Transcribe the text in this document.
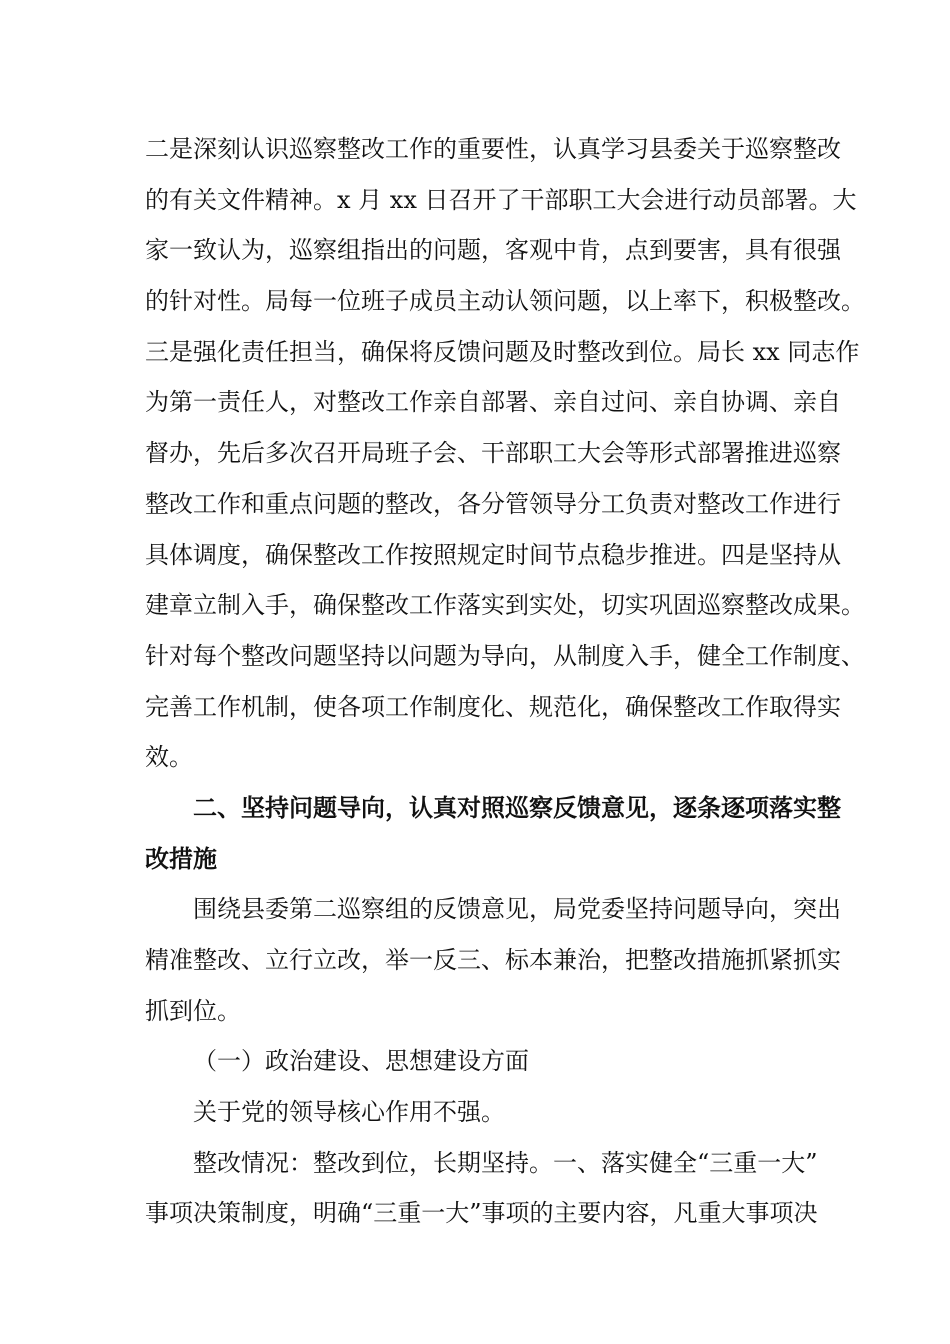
二是深刻认识巡察整改工作的重要性，认真学习县委关于巡察整改
的有关文件精神。x 月 xx 日召开了干部职工大会进行动员部署。大
家一致认为，巡察组指出的问题，客观中肯，点到要害，具有很强
的针对性。局每一位班子成员主动认领问题，以上率下，积极整改。
三是强化责任担当，确保将反馈问题及时整改到位。局长 xx 同志作
为第一责任人，对整改工作亲自部署、亲自过问、亲自协调、亲自
督办，先后多次召开局班子会、干部职工大会等形式部署推进巡察
整改工作和重点问题的整改，各分管领导分工负责对整改工作进行
具体调度，确保整改工作按照规定时间节点稳步推进。四是坚持从
建章立制入手，确保整改工作落实到实处，切实巩固巡察整改成果。
针对每个整改问题坚持以问题为导向，从制度入手，健全工作制度、
完善工作机制，使各项工作制度化、规范化，确保整改工作取得实
效。
二、坚持问题导向，认真对照巡察反馈意见，逐条逐项落实整
改措施
围绕县委第二巡察组的反馈意见，局党委坚持问题导向，突出
精准整改、立行立改，举一反三、标本兼治，把整改措施抓紧抓实
抓到位。
（一）政治建设、思想建设方面
关于党的领导核心作用不强。
整改情况：整改到位，长期坚持。一、落实健全“三重一大”
事项决策制度，明确“三重一大”事项的主要内容，凡重大事项决
